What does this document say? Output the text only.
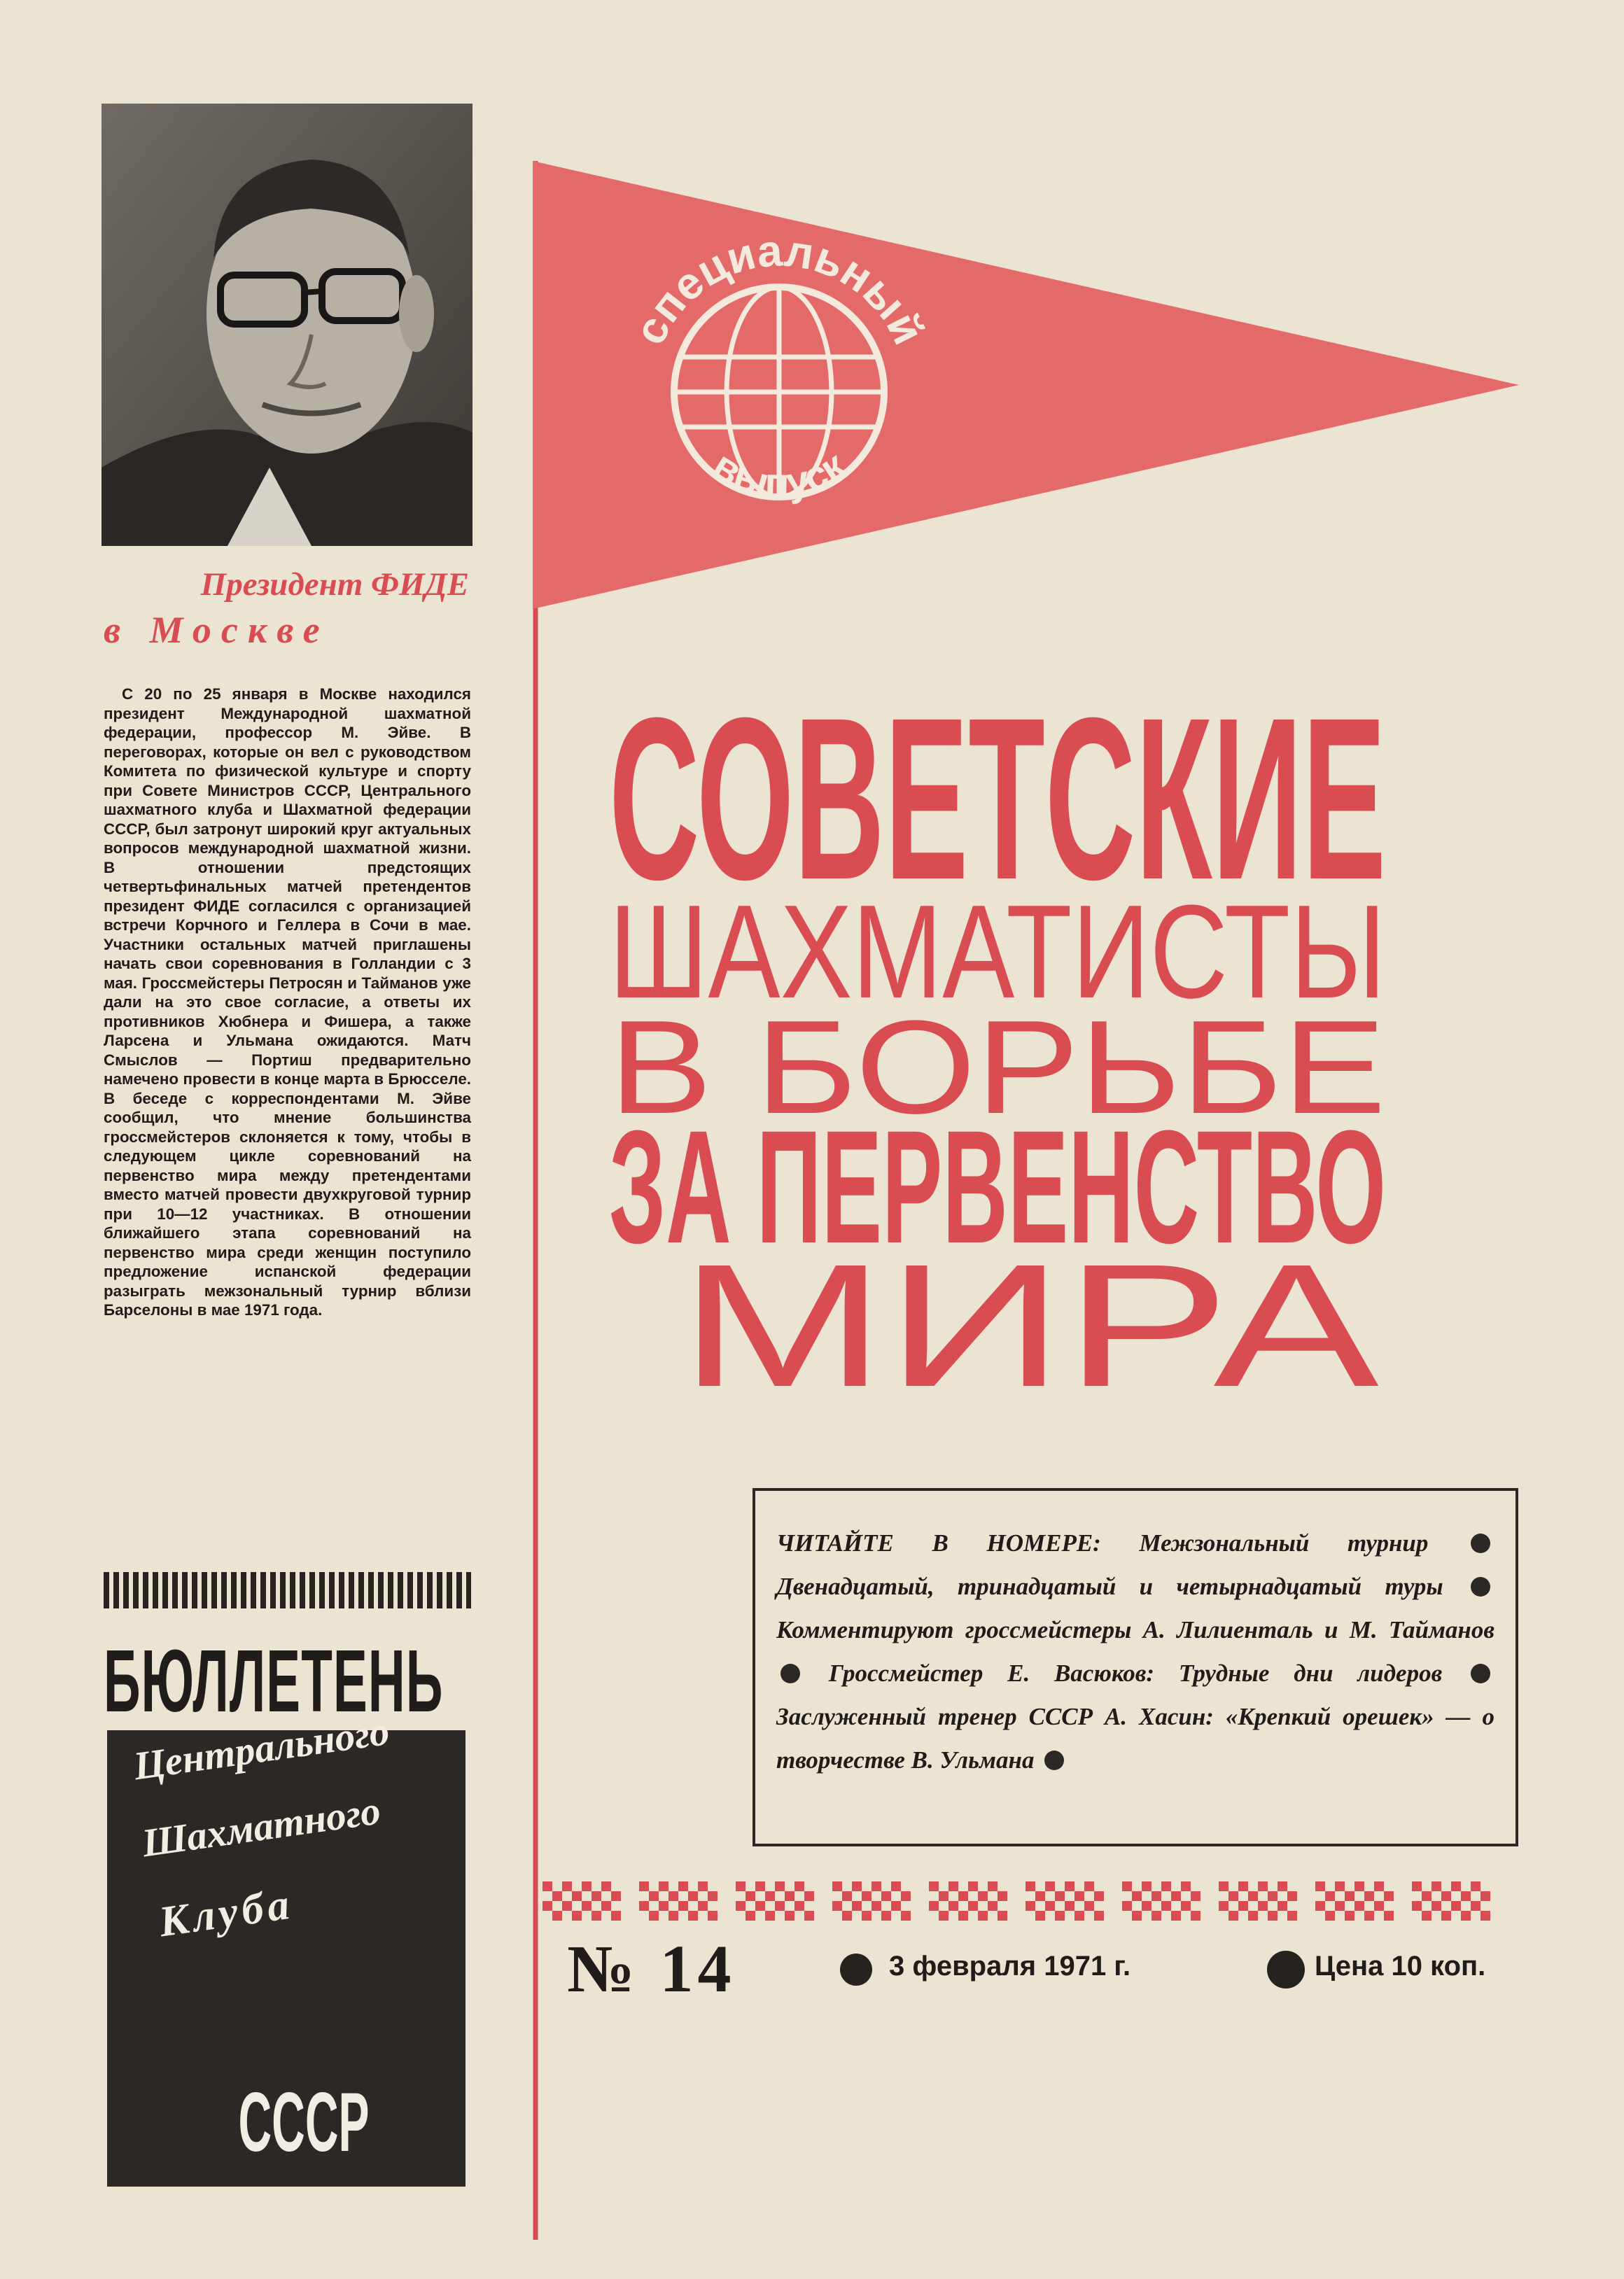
Президент ФИДЕ
в Москве
С 20 по 25 января в Москве находился президент Международной шахматной федерации, профессор М. Эйве. В переговорах, которые он вел с руководством Комитета по физической культуре и спорту при Совете Министров СССР, Центрального шахматного клуба и Шахматной федерации СССР, был затронут широкий круг актуальных вопросов международной шахматной жизни. В отношении предстоящих четвертьфинальных матчей претендентов президент ФИДЕ согласился с организацией встречи Корчного и Геллера в Сочи в мае. Участники остальных матчей приглашены начать свои соревнования в Голландии с 3 мая. Гроссмейстеры Петросян и Тайманов уже дали на это свое согласие, а ответы их противников Хюбнера и Фишера, а также Ларсена и Ульмана ожидаются. Матч Смыслов — Портиш предварительно намечено провести в конце марта в Брюсселе. В беседе с корреспондентами М. Эйве сообщил, что мнение большинства гроссмейстеров склоняется к тому, чтобы в следующем цикле соревнований на первенство мира между претендентами вместо матчей провести двухкруговой турнир при 10—12 участниках. В отношении ближайшего этапа соревнований на первенство мира среди женщин поступило предложение испанской федерации разыграть межзональный турнир вблизи Барселоны в мае 1971 года.
БЮЛЛЕТЕНЬ
Центрального
Шахматного
Клуба
СССР
специальный
выпуск
СОВЕТСКИЕ
ШАХМАТИСТЫ
В БОРЬБЕ
ЗА ПЕРВЕНСТВО
МИРА
ЧИТАЙТЕ В НОМЕРЕ: Межзональный турнир  Двенадцатый, тринадцатый и четырнадцатый туры  Комментируют гроссмейстеры А. Лилиенталь и М. Тайманов  Гроссмейстер Е. Васюков: Трудные дни лидеров  Заслуженный тренер СССР А. Хасин: «Крепкий орешек» — о творчестве В. Ульмана
№ 14	3 февраля 1971 г.	Цена 10 коп.
